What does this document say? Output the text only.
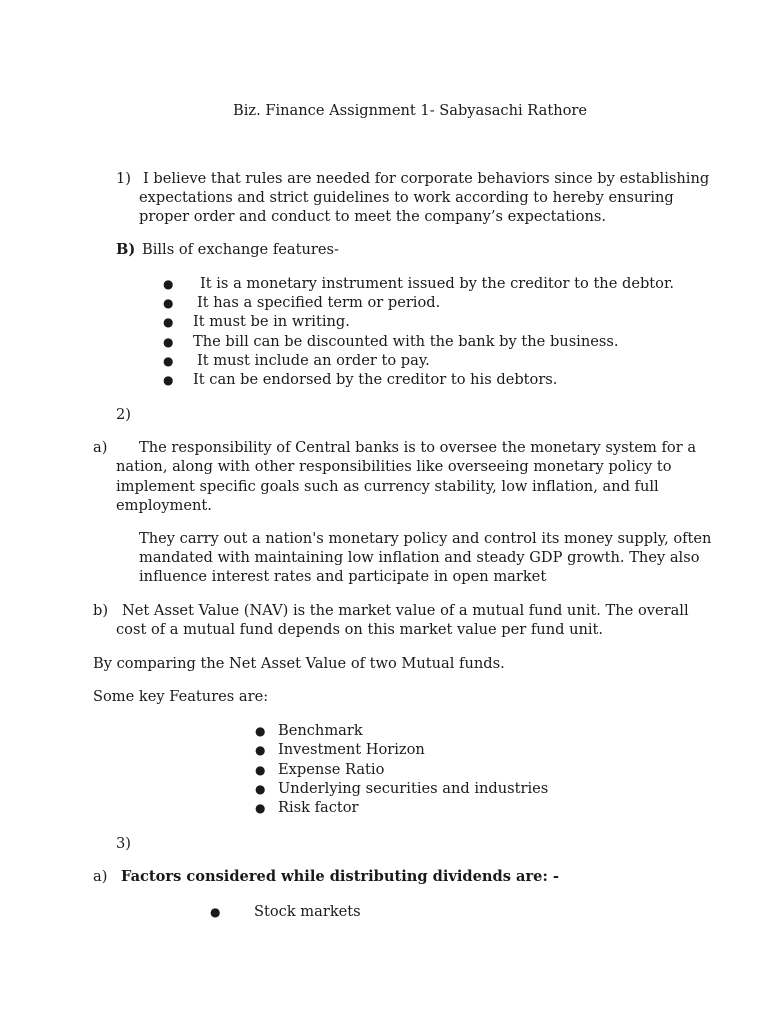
Biz. Finance Assignment 1- Sabyasachi Rathore
1) I believe that rules are needed for corporate behaviors since by establishing
expectations and strict guidelines to work according to hereby ensuring
proper order and conduct to meet the company’s expectations.
B) Bills of exchange features-
● It is a monetary instrument issued by the creditor to the debtor.
● It has a specified term or period.
● It must be in writing.
● The bill can be discounted with the bank by the business.
● It must include an order to pay.
● It can be endorsed by the creditor to his debtors.
2)
a) The responsibility of Central banks is to oversee the monetary system for a
nation, along with other responsibilities like overseeing monetary policy to
implement specific goals such as currency stability, low inflation, and full
employment.
They carry out a nation's monetary policy and control its money supply, often
mandated with maintaining low inflation and steady GDP growth. They also
influence interest rates and participate in open market
b) Net Asset Value (NAV) is the market value of a mutual fund unit. The overall
cost of a mutual fund depends on this market value per fund unit.
By comparing the Net Asset Value of two Mutual funds.
Some key Features are:
● Benchmark
● Investment Horizon
● Expense Ratio
● Underlying securities and industries
● Risk factor
3)
a) Factors considered while distributing dividends are: -
● Stock markets
